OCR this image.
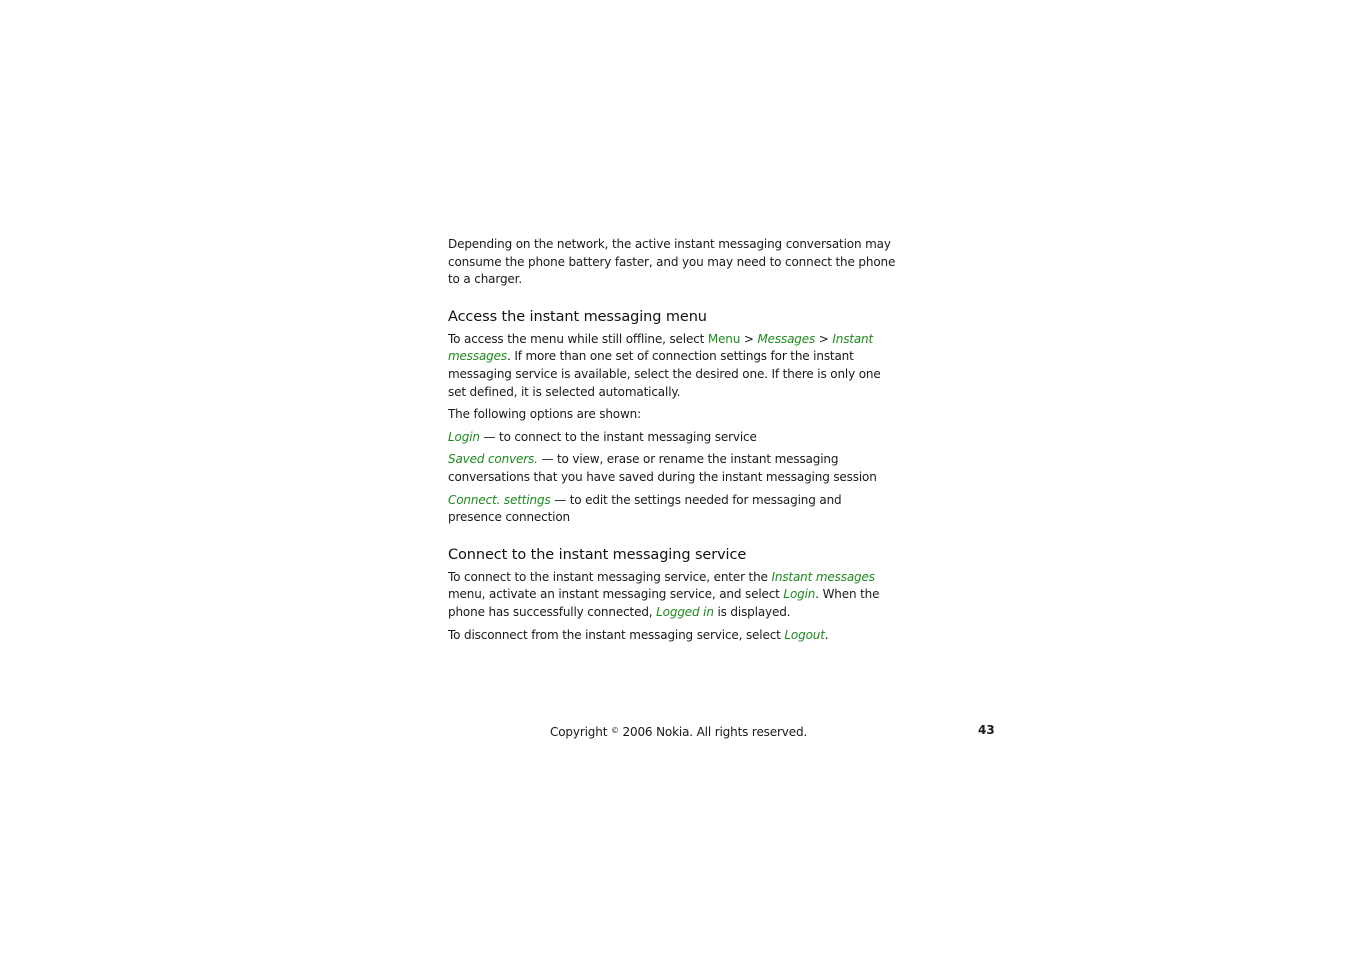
Depending on the network, the active instant messaging conversation may consume the phone battery faster, and you may need to connect the phone to a charger.

Access the instant messaging menu

To access the menu while still offline, select Menu > Messages > Instant messages. If more than one set of connection settings for the instant messaging service is available, select the desired one. If there is only one set defined, it is selected automatically.

The following options are shown:

Login — to connect to the instant messaging service

Saved convers. — to view, erase or rename the instant messaging conversations that you have saved during the instant messaging session

Connect. settings — to edit the settings needed for messaging and presence connection

Connect to the instant messaging service

To connect to the instant messaging service, enter the Instant messages menu, activate an instant messaging service, and select Login. When the phone has successfully connected, Logged in is displayed.

To disconnect from the instant messaging service, select Logout.

Copyright © 2006 Nokia. All rights reserved.	43
